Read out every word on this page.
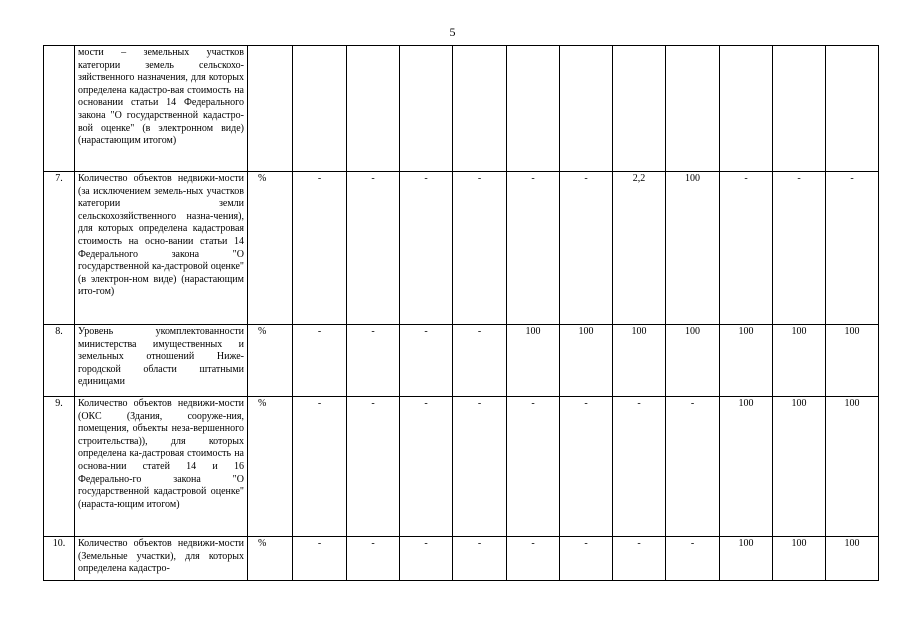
5
	мости – земельных участков категории земель сельскохо-зяйственного назначения, для которых определена кадастро-вая стоимость на основании статьи 14 Федерального закона "О государственной кадастро-вой оценке" (в электронном виде) (нарастающим итогом)												
7.	Количество объектов недвижи-мости (за исключением земель-ных участков категории земли сельскохозяйственного назна-чения), для которых определена кадастровая стоимость на осно-вании статьи 14 Федерального закона "О государственной ка-дастровой оценке" (в электрон-ном виде) (нарастающим ито-гом)	%	-	-	-	-	-	-	2,2	100	-	-	-
8.	Уровень укомплектованности министерства имущественных и земельных отношений Ниже-городской области штатными единицами	%	-	-	-	-	100	100	100	100	100	100	100
9.	Количество объектов недвижи-мости (ОКС (Здания, сооруже-ния, помещения, объекты неза-вершенного строительства)), для которых определена ка-дастровая стоимость на основа-нии статей 14 и 16 Федерально-го закона "О государственной кадастровой оценке" (нараста-ющим итогом)	%	-	-	-	-	-	-	-	-	100	100	100
10.	Количество объектов недвижи-мости (Земельные участки), для которых определена кадастро-	%	-	-	-	-	-	-	-	-	100	100	100
